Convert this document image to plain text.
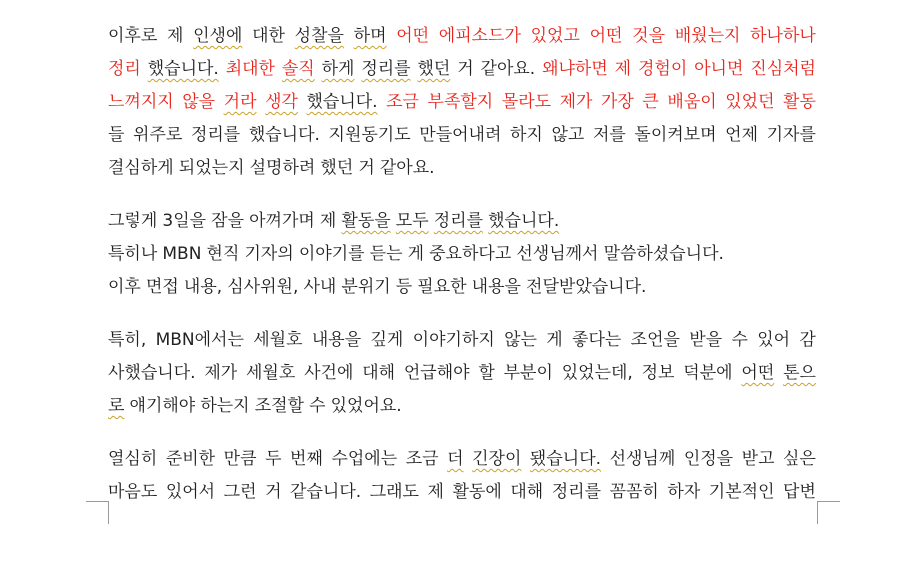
이후로 제 인생에 대한 성찰을 하며 어떤 에피소드가 있었고 어떤 것을 배웠는지 하나하나
정리 했습니다. 최대한 솔직 하게 정리를 했던 거 같아요. 왜냐하면 제 경험이 아니면 진심처럼
느껴지지 않을 거라 생각 했습니다. 조금 부족할지 몰라도 제가 가장 큰 배움이 있었던 활동
들 위주로 정리를 했습니다. 지원동기도 만들어내려 하지 않고 저를 돌이켜보며 언제 기자를
결심하게 되었는지 설명하려 했던 거 같아요.
그렇게 3일을 잠을 아껴가며 제 활동을 모두 정리를 했습니다.
특히나 MBN 현직 기자의 이야기를 듣는 게 중요하다고 선생님께서 말씀하셨습니다.
이후 면접 내용, 심사위원, 사내 분위기 등 필요한 내용을 전달받았습니다.
특히, MBN에서는 세월호 내용을 깊게 이야기하지 않는 게 좋다는 조언을 받을 수 있어 감
사했습니다. 제가 세월호 사건에 대해 언급해야 할 부분이 있었는데, 정보 덕분에 어떤 톤으
로 얘기해야 하는지 조절할 수 있었어요.
열심히 준비한 만큼 두 번째 수업에는 조금 더 긴장이 됐습니다. 선생님께 인정을 받고 싶은
마음도 있어서 그런 거 같습니다. 그래도 제 활동에 대해 정리를 꼼꼼히 하자 기본적인 답변
